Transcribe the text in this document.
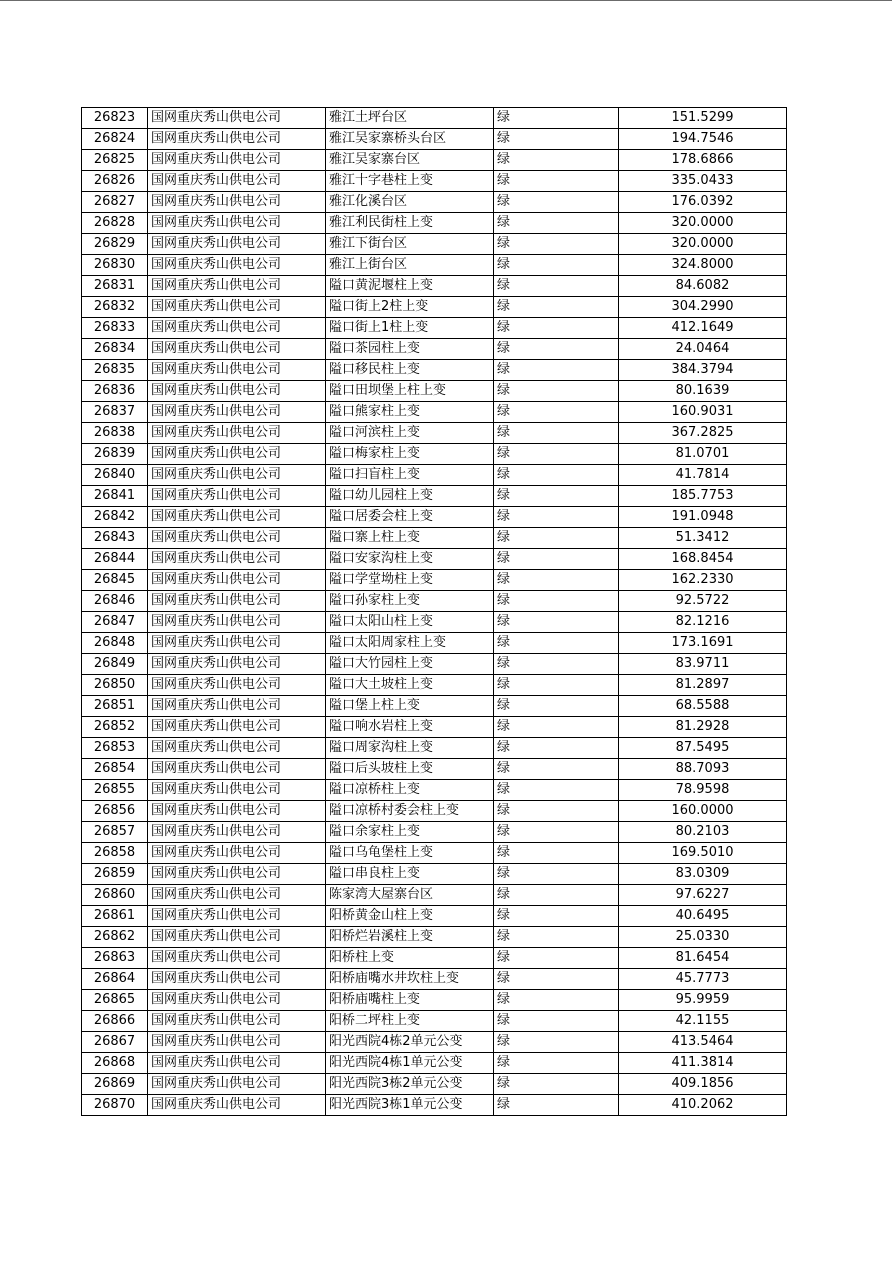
26823	国网重庆秀山供电公司	雅江土坪台区	绿	151.5299
26824	国网重庆秀山供电公司	雅江吴家寨桥头台区	绿	194.7546
26825	国网重庆秀山供电公司	雅江吴家寨台区	绿	178.6866
26826	国网重庆秀山供电公司	雅江十字巷柱上变	绿	335.0433
26827	国网重庆秀山供电公司	雅江化溪台区	绿	176.0392
26828	国网重庆秀山供电公司	雅江利民街柱上变	绿	320.0000
26829	国网重庆秀山供电公司	雅江下街台区	绿	320.0000
26830	国网重庆秀山供电公司	雅江上街台区	绿	324.8000
26831	国网重庆秀山供电公司	隘口黄泥堰柱上变	绿	84.6082
26832	国网重庆秀山供电公司	隘口街上2柱上变	绿	304.2990
26833	国网重庆秀山供电公司	隘口街上1柱上变	绿	412.1649
26834	国网重庆秀山供电公司	隘口茶园柱上变	绿	24.0464
26835	国网重庆秀山供电公司	隘口移民柱上变	绿	384.3794
26836	国网重庆秀山供电公司	隘口田坝堡上柱上变	绿	80.1639
26837	国网重庆秀山供电公司	隘口熊家柱上变	绿	160.9031
26838	国网重庆秀山供电公司	隘口河滨柱上变	绿	367.2825
26839	国网重庆秀山供电公司	隘口梅家柱上变	绿	81.0701
26840	国网重庆秀山供电公司	隘口扫盲柱上变	绿	41.7814
26841	国网重庆秀山供电公司	隘口幼儿园柱上变	绿	185.7753
26842	国网重庆秀山供电公司	隘口居委会柱上变	绿	191.0948
26843	国网重庆秀山供电公司	隘口寨上柱上变	绿	51.3412
26844	国网重庆秀山供电公司	隘口安家沟柱上变	绿	168.8454
26845	国网重庆秀山供电公司	隘口学堂坳柱上变	绿	162.2330
26846	国网重庆秀山供电公司	隘口孙家柱上变	绿	92.5722
26847	国网重庆秀山供电公司	隘口太阳山柱上变	绿	82.1216
26848	国网重庆秀山供电公司	隘口太阳周家柱上变	绿	173.1691
26849	国网重庆秀山供电公司	隘口大竹园柱上变	绿	83.9711
26850	国网重庆秀山供电公司	隘口大土坡柱上变	绿	81.2897
26851	国网重庆秀山供电公司	隘口堡上柱上变	绿	68.5588
26852	国网重庆秀山供电公司	隘口响水岩柱上变	绿	81.2928
26853	国网重庆秀山供电公司	隘口周家沟柱上变	绿	87.5495
26854	国网重庆秀山供电公司	隘口后头坡柱上变	绿	88.7093
26855	国网重庆秀山供电公司	隘口凉桥柱上变	绿	78.9598
26856	国网重庆秀山供电公司	隘口凉桥村委会柱上变	绿	160.0000
26857	国网重庆秀山供电公司	隘口余家柱上变	绿	80.2103
26858	国网重庆秀山供电公司	隘口乌龟堡柱上变	绿	169.5010
26859	国网重庆秀山供电公司	隘口串良柱上变	绿	83.0309
26860	国网重庆秀山供电公司	陈家湾大屋寨台区	绿	97.6227
26861	国网重庆秀山供电公司	阳桥黄金山柱上变	绿	40.6495
26862	国网重庆秀山供电公司	阳桥烂岩溪柱上变	绿	25.0330
26863	国网重庆秀山供电公司	阳桥柱上变	绿	81.6454
26864	国网重庆秀山供电公司	阳桥庙嘴水井坎柱上变	绿	45.7773
26865	国网重庆秀山供电公司	阳桥庙嘴柱上变	绿	95.9959
26866	国网重庆秀山供电公司	阳桥二坪柱上变	绿	42.1155
26867	国网重庆秀山供电公司	阳光西院4栋2单元公变	绿	413.5464
26868	国网重庆秀山供电公司	阳光西院4栋1单元公变	绿	411.3814
26869	国网重庆秀山供电公司	阳光西院3栋2单元公变	绿	409.1856
26870	国网重庆秀山供电公司	阳光西院3栋1单元公变	绿	410.2062
